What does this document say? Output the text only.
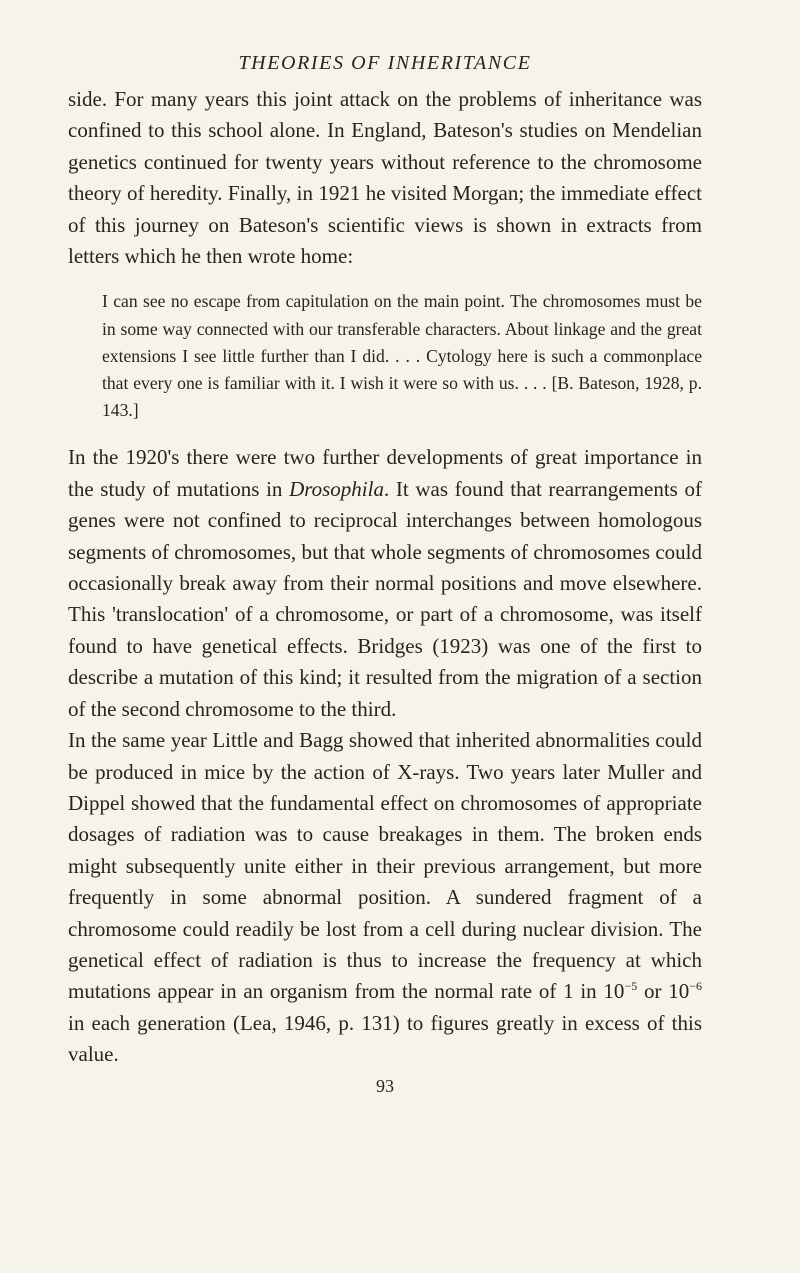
THEORIES OF INHERITANCE

side. For many years this joint attack on the problems of inheritance was confined to this school alone. In England, Bateson's studies on Mendelian genetics continued for twenty years without reference to the chromosome theory of heredity. Finally, in 1921 he visited Morgan; the immediate effect of this journey on Bateson's scientific views is shown in extracts from letters which he then wrote home:

I can see no escape from capitulation on the main point. The chromosomes must be in some way connected with our transferable characters. About linkage and the great extensions I see little further than I did. . . . Cytology here is such a commonplace that every one is familiar with it. I wish it were so with us. . . . [B. Bateson, 1928, p. 143.]

In the 1920's there were two further developments of great importance in the study of mutations in Drosophila. It was found that rearrangements of genes were not confined to reciprocal interchanges between homologous segments of chromosomes, but that whole segments of chromosomes could occasionally break away from their normal positions and move elsewhere. This 'translocation' of a chromosome, or part of a chromosome, was itself found to have genetical effects. Bridges (1923) was one of the first to describe a mutation of this kind; it resulted from the migration of a section of the second chromosome to the third.

In the same year Little and Bagg showed that inherited abnormalities could be produced in mice by the action of X-rays. Two years later Muller and Dippel showed that the fundamental effect on chromosomes of appropriate dosages of radiation was to cause breakages in them. The broken ends might subsequently unite either in their previous arrangement, but more frequently in some abnormal position. A sundered fragment of a chromosome could readily be lost from a cell during nuclear division. The genetical effect of radiation is thus to increase the frequency at which mutations appear in an organism from the normal rate of 1 in $10^{-5}$ or $10^{-6}$ in each generation (Lea, 1946, p. 131) to figures greatly in excess of this value.

93
